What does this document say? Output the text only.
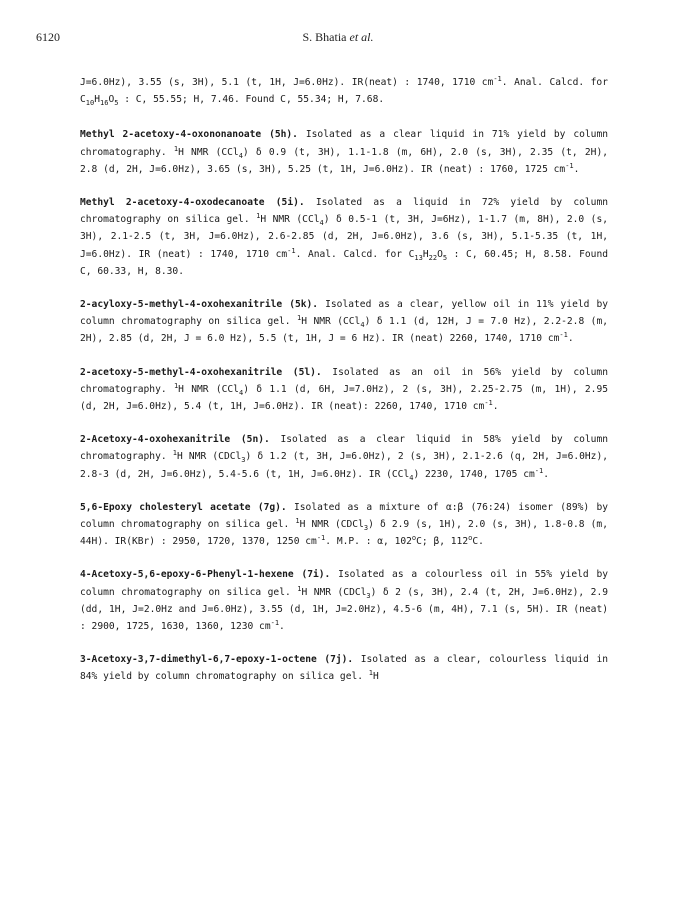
6120	S. Bhatia et al.

J=6.0Hz), 3.55 (s, 3H), 5.1 (t, 1H, J=6.0Hz). IR(neat) : 1740, 1710 $cm^{-1}$. Anal. Calcd. for $C_{10}H_{16}O_5$ : C, 55.55; H, 7.46. Found C, 55.34; H, 7.68.

Methyl 2-acetoxy-4-oxononanoate (5h). Isolated as a clear liquid in 71% yield by column chromatography. $^1$H NMR (CCl$_4$) δ 0.9 (t, 3H), 1.1-1.8 (m, 6H), 2.0 (s, 3H), 2.35 (t, 2H), 2.8 (d, 2H, J=6.0Hz), 3.65 (s, 3H), 5.25 (t, 1H, J=6.0Hz). IR (neat) : 1760, 1725 $cm^{-1}$.

Methyl 2-acetoxy-4-oxodecanoate (5i). Isolated as a liquid in 72% yield by column chromatography on silica gel. $^1$H NMR (CCl$_4$) δ 0.5-1 (t, 3H, J=6Hz), 1-1.7 (m, 8H), 2.0 (s, 3H), 2.1-2.5 (t, 3H, J=6.0Hz), 2.6-2.85 (d, 2H, J=6.0Hz), 3.6 (s, 3H), 5.1-5.35 (t, 1H, J=6.0Hz). IR (neat) : 1740, 1710 $cm^{-1}$. Anal. Calcd. for $C_{13}H_{22}O_5$ : C, 60.45; H, 8.58. Found C, 60.33, H, 8.30.

2-acyloxy-5-methyl-4-oxohexanitrile (5k). Isolated as a clear, yellow oil in 11% yield by column chromatography on silica gel. $^1$H NMR (CCl$_4$) δ 1.1 (d, 12H, J = 7.0 Hz), 2.2-2.8 (m, 2H), 2.85 (d, 2H, J = 6.0 Hz), 5.5 (t, 1H, J = 6 Hz). IR (neat) 2260, 1740, 1710 $cm^{-1}$.

2-acetoxy-5-methyl-4-oxohexanitrile (5l). Isolated as an oil in 56% yield by column chromatography. $^1$H NMR (CCl$_4$) δ 1.1 (d, 6H, J=7.0Hz), 2 (s, 3H), 2.25-2.75 (m, 1H), 2.95 (d, 2H, J=6.0Hz), 5.4 (t, 1H, J=6.0Hz). IR (neat): 2260, 1740, 1710 $cm^{-1}$.

2-Acetoxy-4-oxohexanitrile (5n). Isolated as a clear liquid in 58% yield by column chromatography. $^1$H NMR (CDCl$_3$) δ 1.2 (t, 3H, J=6.0Hz), 2 (s, 3H), 2.1-2.6 (q, 2H, J=6.0Hz), 2.8-3 (d, 2H, J=6.0Hz), 5.4-5.6 (t, 1H, J=6.0Hz). IR (CCl$_4$) 2230, 1740, 1705 $cm^{-1}$.

5,6-Epoxy cholesteryl acetate (7g). Isolated as a mixture of α:β (76:24) isomer (89%) by column chromatography on silica gel. $^1$H NMR (CDCl$_3$) δ 2.9 (s, 1H), 2.0 (s, 3H), 1.8-0.8 (m, 44H). IR(KBr) : 2950, 1720, 1370, 1250 $cm^{-1}$. M.P. : α, 102$^o$C; β, 112$^o$C.

4-Acetoxy-5,6-epoxy-6-Phenyl-1-hexene (7i). Isolated as a colourless oil in 55% yield by column chromatography on silica gel. $^1$H NMR (CDCl$_3$) δ 2 (s, 3H), 2.4 (t, 2H, J=6.0Hz), 2.9 (dd, 1H, J=2.0Hz and J=6.0Hz), 3.55 (d, 1H, J=2.0Hz), 4.5-6 (m, 4H), 7.1 (s, 5H). IR (neat) : 2900, 1725, 1630, 1360, 1230 $cm^{-1}$.

3-Acetoxy-3,7-dimethyl-6,7-epoxy-1-octene (7j). Isolated as a clear, colourless liquid in 84% yield by column chromatography on silica gel. $^1$H
